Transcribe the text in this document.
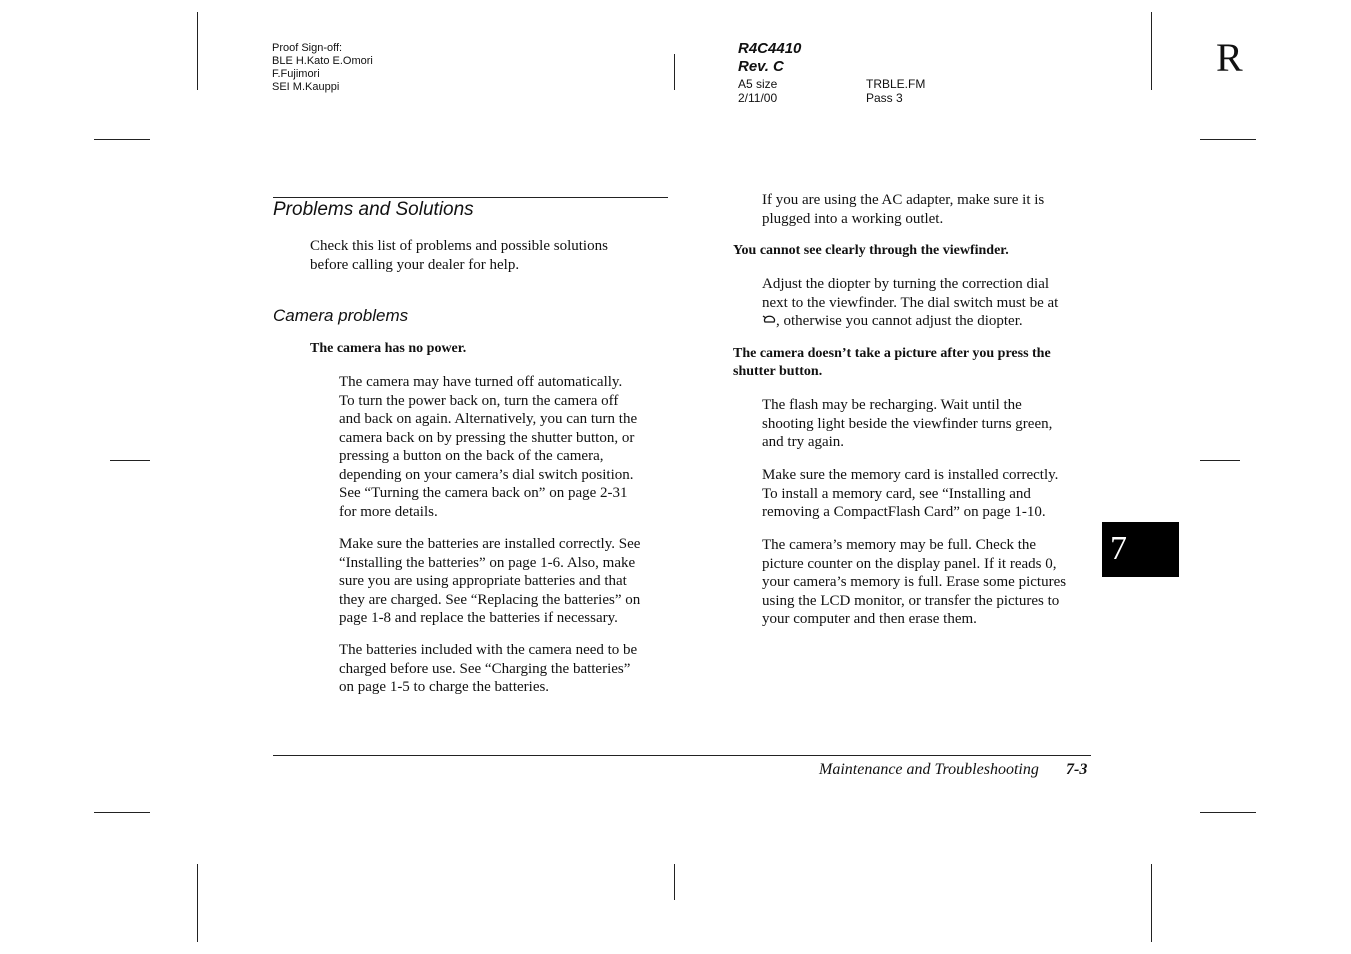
Proof Sign-off:
BLE H.Kato E.Omori
F.Fujimori
SEI M.Kauppi
R4C4410
Rev. C
A5 size
2/11/00
TRBLE.FM
Pass 3
R
Problems and Solutions
Check this list of problems and possible solutions
before calling your dealer for help.
Camera problems
The camera has no power.
The camera may have turned off automatically.
To turn the power back on, turn the camera off
and back on again. Alternatively, you can turn the
camera back on by pressing the shutter button, or
pressing a button on the back of the camera,
depending on your camera’s dial switch position.
See “Turning the camera back on” on page 2-31
for more details.
Make sure the batteries are installed correctly. See
“Installing the batteries” on page 1-6. Also, make
sure you are using appropriate batteries and that
they are charged. See “Replacing the batteries” on
page 1-8 and replace the batteries if necessary.
The batteries included with the camera need to be
charged before use. See “Charging the batteries”
on page 1-5 to charge the batteries.
If you are using the AC adapter, make sure it is
plugged into a working outlet.
You cannot see clearly through the viewfinder.
Adjust the diopter by turning the correction dial
next to the viewfinder. The dial switch must be at
, otherwise you cannot adjust the diopter.
The camera doesn’t take a picture after you press the
shutter button.
The flash may be recharging. Wait until the
shooting light beside the viewfinder turns green,
and try again.
Make sure the memory card is installed correctly.
To install a memory card, see “Installing and
removing a CompactFlash Card” on page 1-10.
The camera’s memory may be full. Check the
picture counter on the display panel. If it reads 0,
your camera’s memory is full. Erase some pictures
using the LCD monitor, or transfer the pictures to
your computer and then erase them.
7
Maintenance and Troubleshooting 7-3
